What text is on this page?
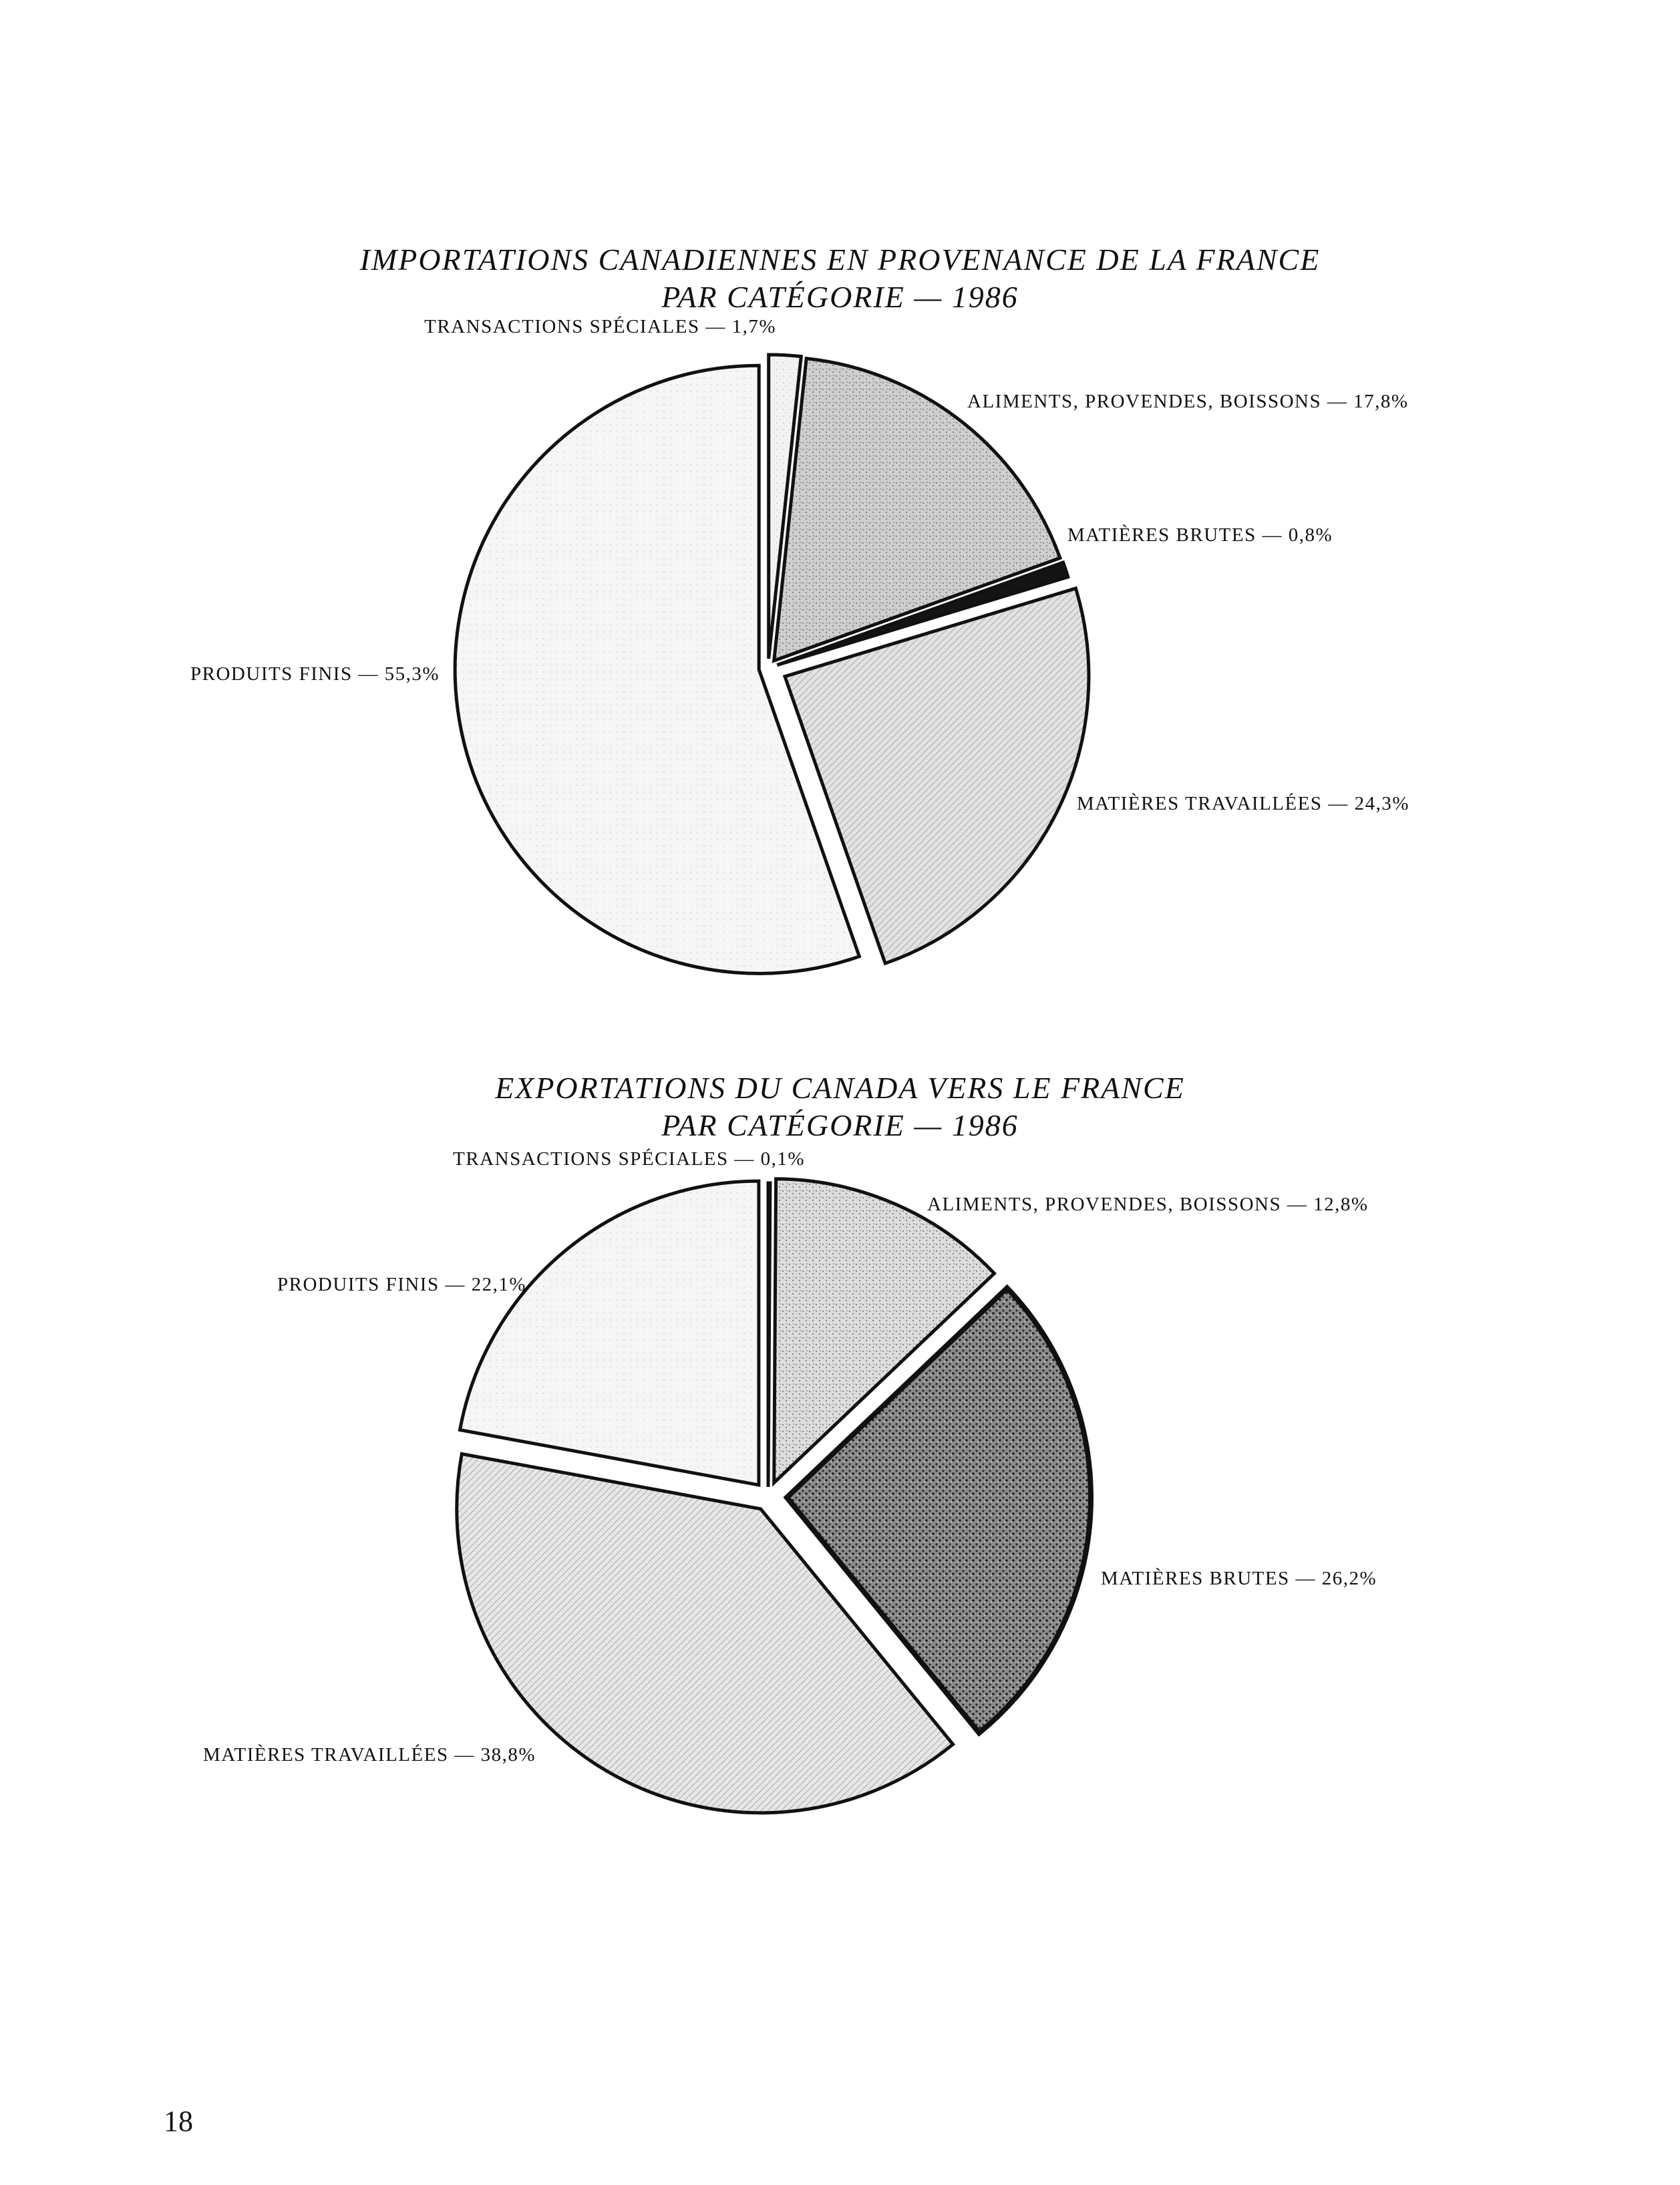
IMPORTATIONS CANADIENNES EN PROVENANCE DE LA FRANCE
PAR CATÉGORIE — 1986
TRANSACTIONS SPÉCIALES — 1,7%
ALIMENTS, PROVENDES, BOISSONS — 17,8%
MATIÈRES BRUTES — 0,8%
MATIÈRES TRAVAILLÉES — 24,3%
PRODUITS FINIS — 55,3%
EXPORTATIONS DU CANADA VERS LE FRANCE
PAR CATÉGORIE — 1986
TRANSACTIONS SPÉCIALES — 0,1%
ALIMENTS, PROVENDES, BOISSONS — 12,8%
MATIÈRES BRUTES — 26,2%
MATIÈRES TRAVAILLÉES — 38,8%
PRODUITS FINIS — 22,1%
18
